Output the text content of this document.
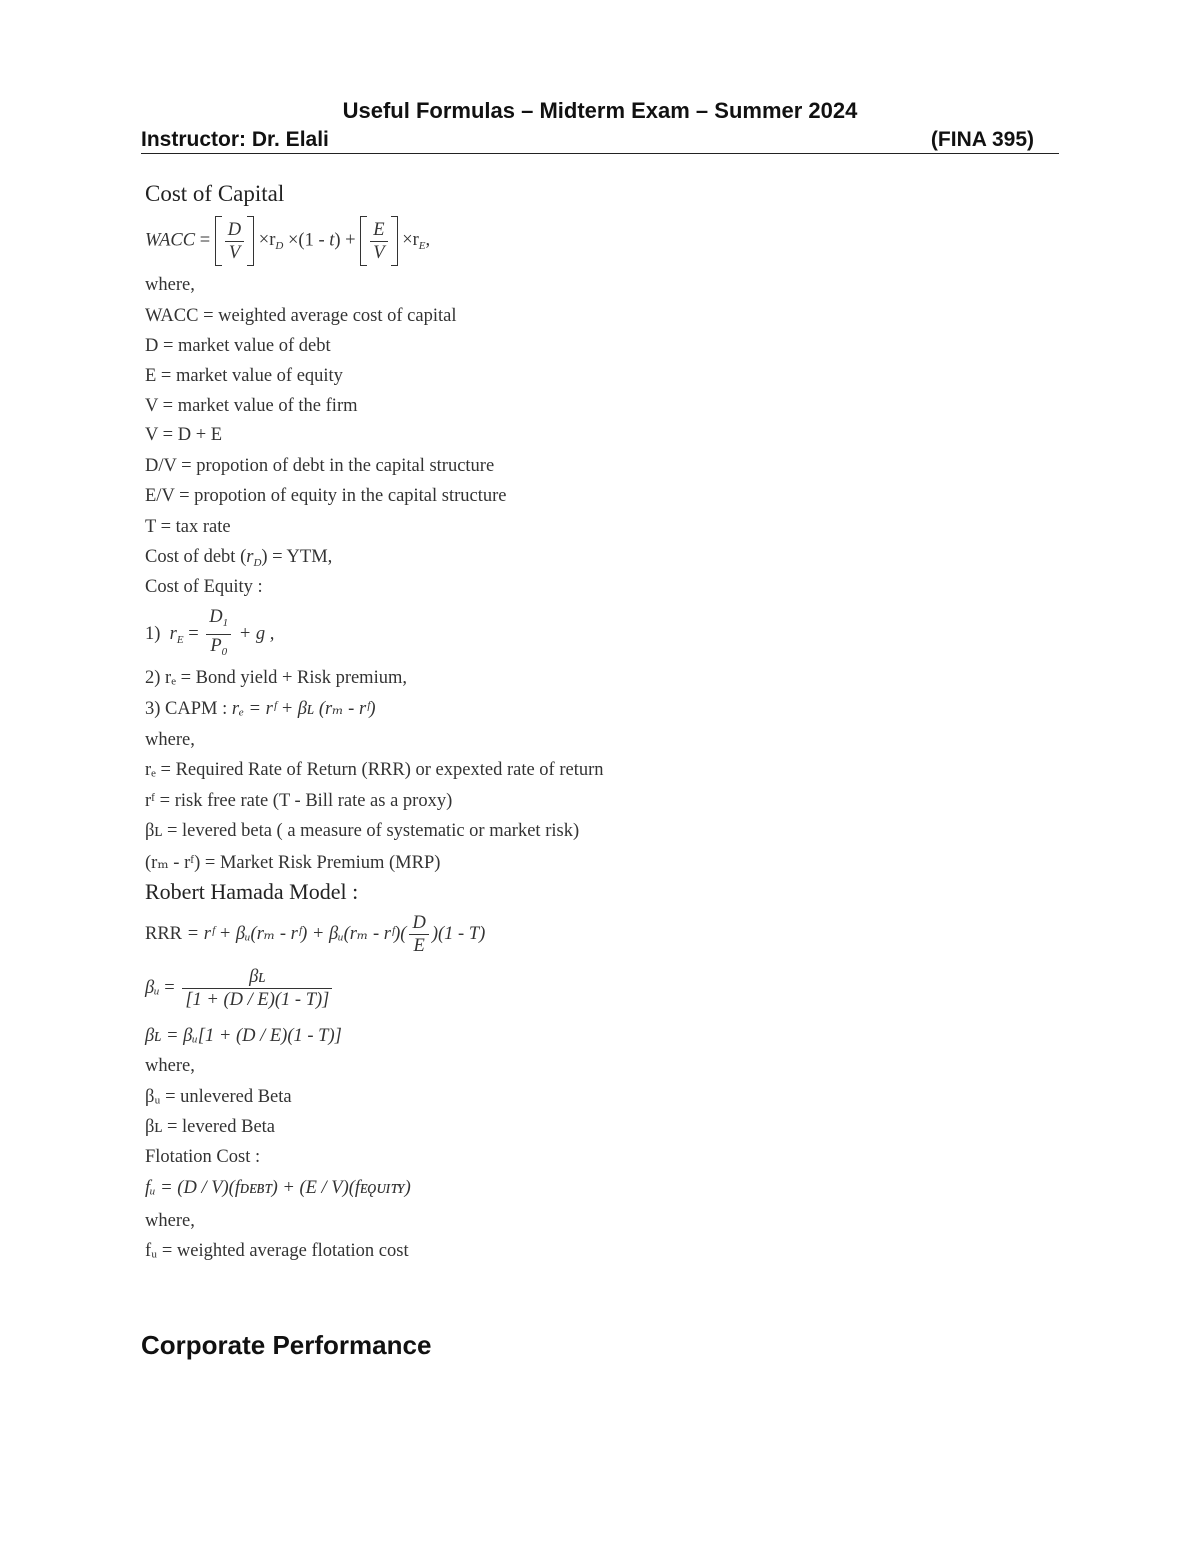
Useful Formulas – Midterm Exam – Summer 2024
Instructor: Dr. Elali	(FINA 395)
Cost of Capital
WACC = $\frac{D}{V} \times r_D \times(1 - t) + \frac{E}{V} \times r_E$,
where,
WACC = weighted average cost of capital
D = market value of debt
E = market value of equity
V = market value of the firm
V = D + E
D/V = propotion of debt in the capital structure
E/V = propotion of equity in the capital structure
T = tax rate
Cost of debt $(r_D)$ = YTM,
Cost of Equity :
1) $r_E = \frac{D_1}{P_0} + g$ ,
2) rₑ = Bond yield + Risk premium,
3) CAPM : rₑ = rᶠ + βʟ (rₘ - rᶠ)
where,
rₑ = Required Rate of Return (RRR) or expexted rate of return
rᶠ = risk free rate (T - Bill rate as a proxy)
βʟ = levered beta ( a measure of systematic or market risk)
(rₘ - rᶠ) = Market Risk Premium (MRP)
Robert Hamada Model :
RRR = rᶠ + βᵤ(rₘ - rᶠ) + βᵤ(rₘ - rᶠ)( $\frac{D}{E} )(1 - T)$
βᵤ = $\frac{\text{βʟ}}{[1 + (D / E)(1 - T)]}$
βʟ = βᵤ[1 + (D / E)(1 - T)]
where,
βᵤ = unlevered Beta
βʟ = levered Beta
Flotation Cost :
fᵤ = (D / V)(fᴅᴇʙᴛ) + (E / V)(fᴇǫᴜɪᴛʏ)
where,
fᵤ = weighted average flotation cost
Corporate Performance
